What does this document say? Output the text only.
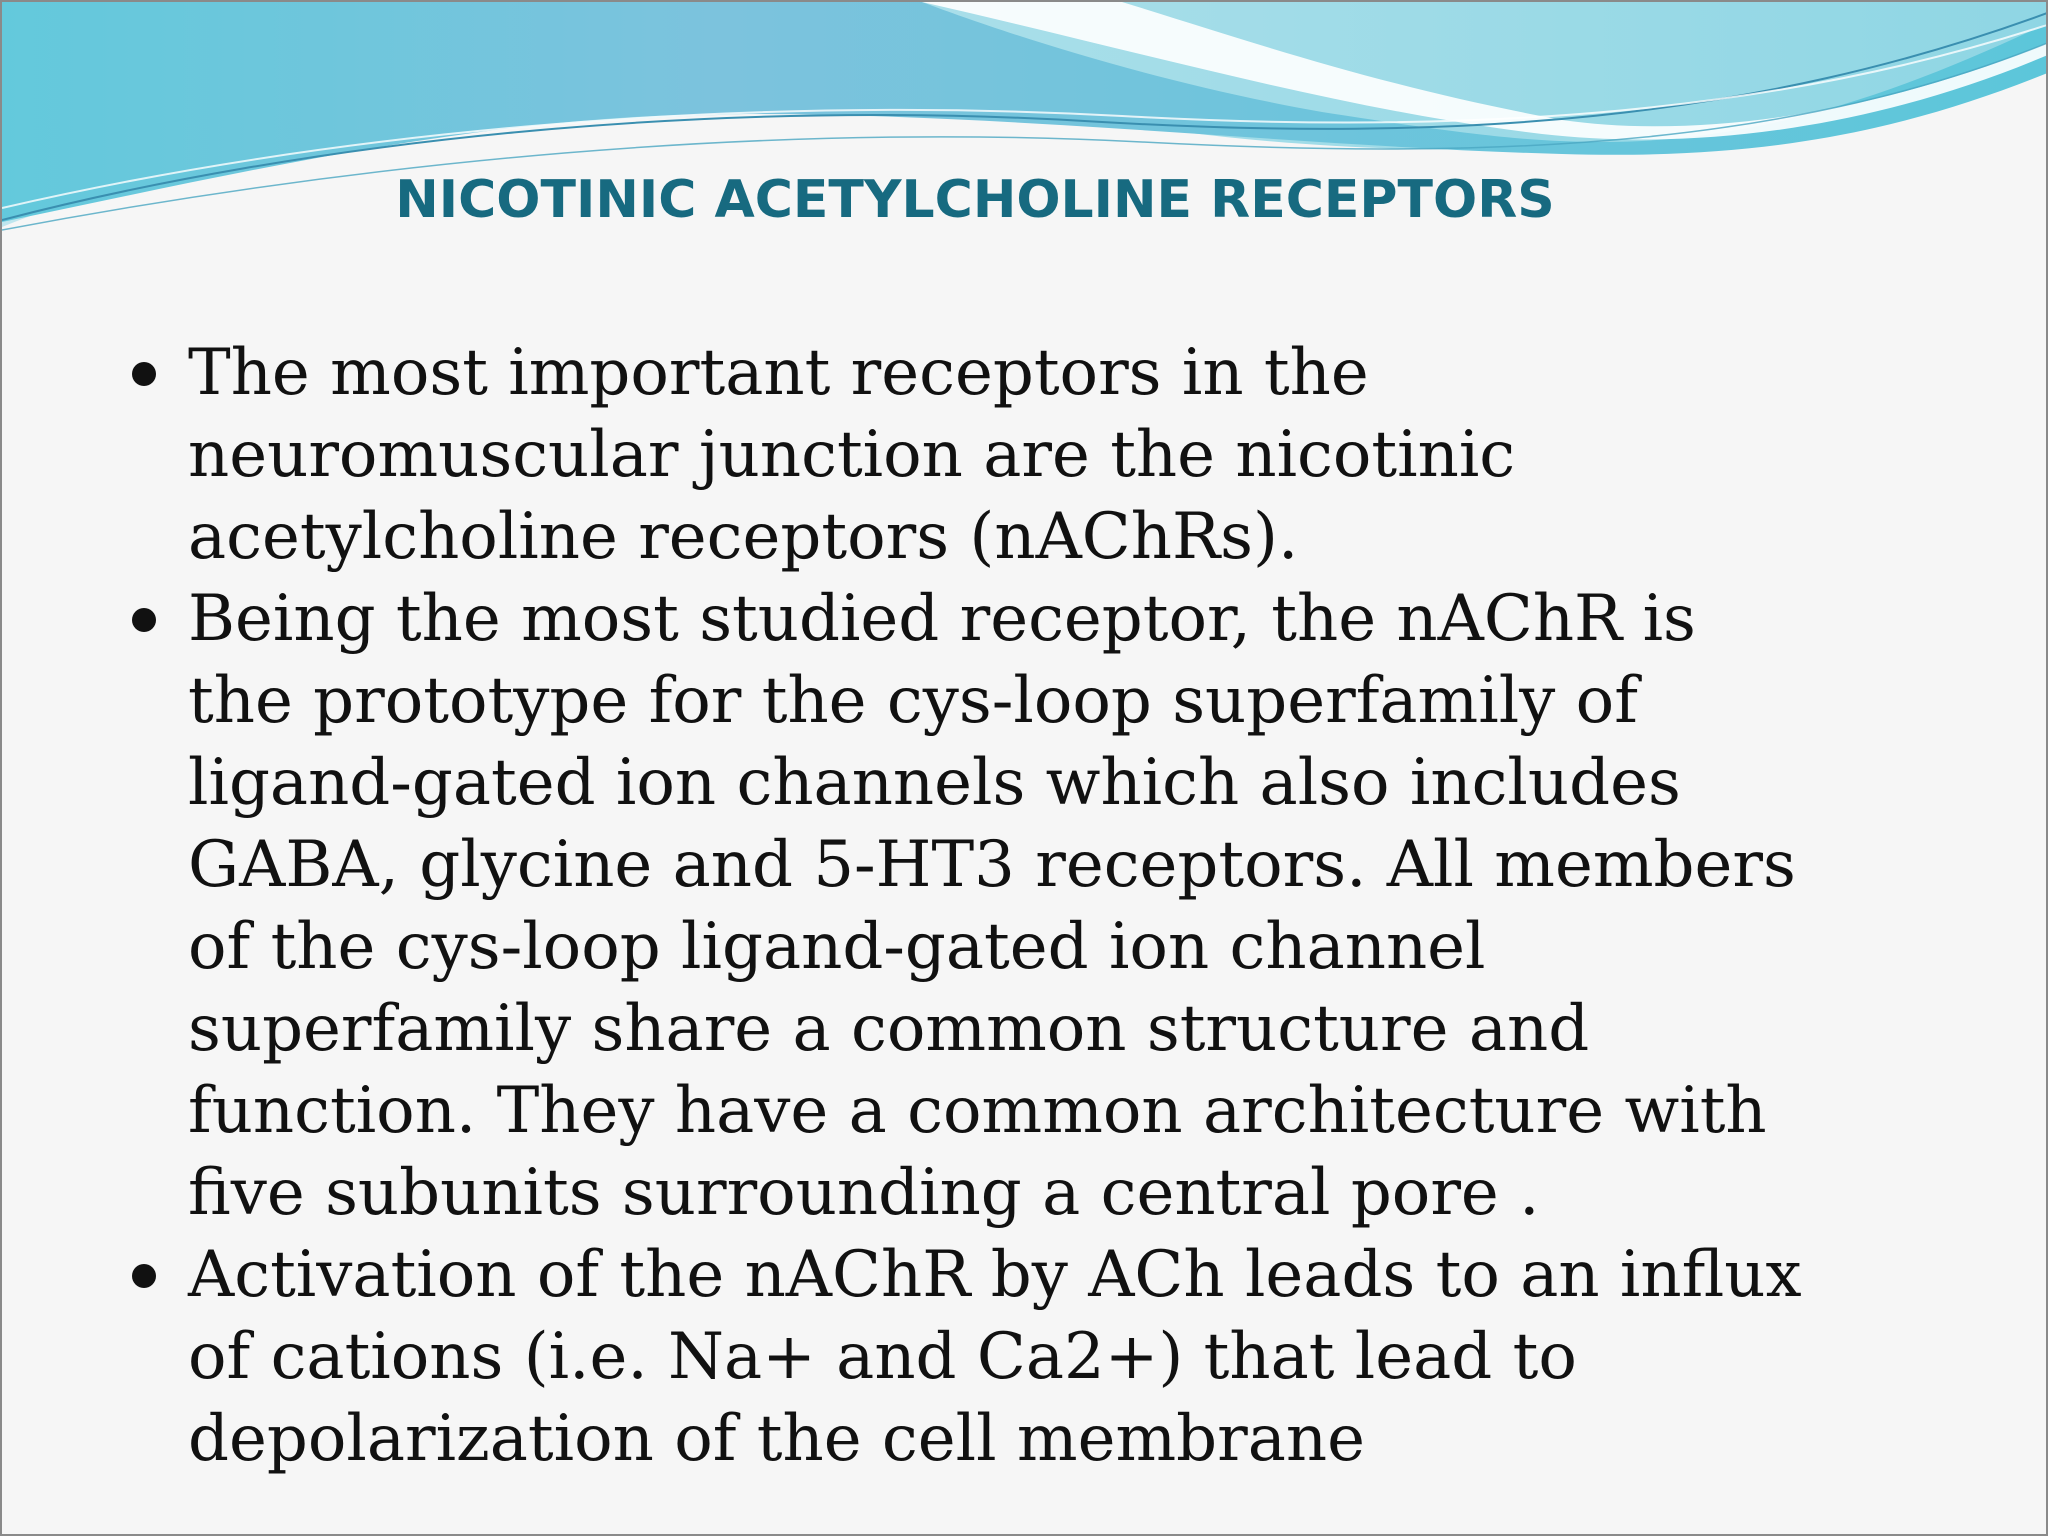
NICOTINIC ACETYLCHOLINE RECEPTORS
The most important receptors in the neuromuscular junction are the nicotinic acetylcholine receptors (nAChRs).
Being the most studied receptor, the nAChR is the prototype for the cys-loop superfamily of ligand-gated ion channels which also includes GABA, glycine and 5-HT3 receptors. All members of the cys-loop ligand-gated ion channel superfamily share a common structure and function. They have a common architecture with five subunits surrounding a central pore .
Activation of the nAChR by ACh leads to an influx of cations (i.e. Na+ and Ca2+) that lead to depolarization of the cell membrane
